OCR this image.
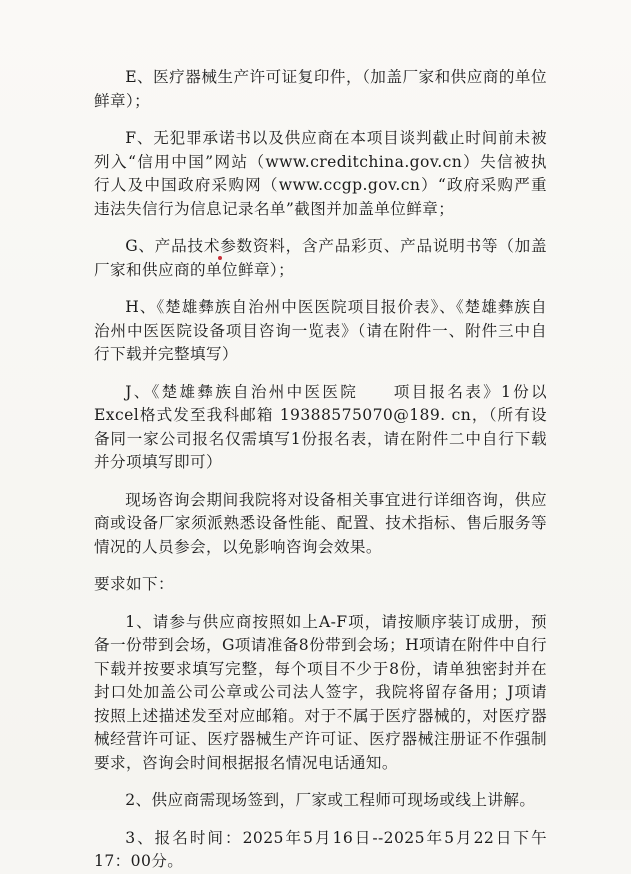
E、医疗器械生产许可证复印件，（加盖厂家和供应商的单位鲜章）；

F、无犯罪承诺书以及供应商在本项目谈判截止时间前未被列入“信用中国”网站（www.creditchina.gov.cn）失信被执行人及中国政府采购网（www.ccgp.gov.cn）“政府采购严重违法失信行为信息记录名单”截图并加盖单位鲜章；

G、产品技术参数资料，含产品彩页、产品说明书等（加盖厂家和供应商的单位鲜章）；

H、《楚雄彝族自治州中医医院项目报价表》、《楚雄彝族自治州中医医院设备项目咨询一览表》（请在附件一、附件三中自行下载并完整填写）

J、《楚雄彝族自治州中医医院　　项目报名表》1份以Excel格式发至我科邮箱 19388575070@189. cn，（所有设备同一家公司报名仅需填写1份报名表，请在附件二中自行下载并分项填写即可）

现场咨询会期间我院将对设备相关事宜进行详细咨询，供应商或设备厂家须派熟悉设备性能、配置、技术指标、售后服务等情况的人员参会，以免影响咨询会效果。

要求如下：

1、请参与供应商按照如上A-F项，请按顺序装订成册，预备一份带到会场，G项请准备8份带到会场；H项请在附件中自行下载并按要求填写完整，每个项目不少于8份，请单独密封并在封口处加盖公司公章或公司法人签字，我院将留存备用；J项请按照上述描述发至对应邮箱。对于不属于医疗器械的，对医疗器械经营许可证、医疗器械生产许可证、医疗器械注册证不作强制要求，咨询会时间根据报名情况电话通知。

2、供应商需现场签到，厂家或工程师可现场或线上讲解。

3、报名时间：2025年5月16日--2025年5月22日下午17：00分。
